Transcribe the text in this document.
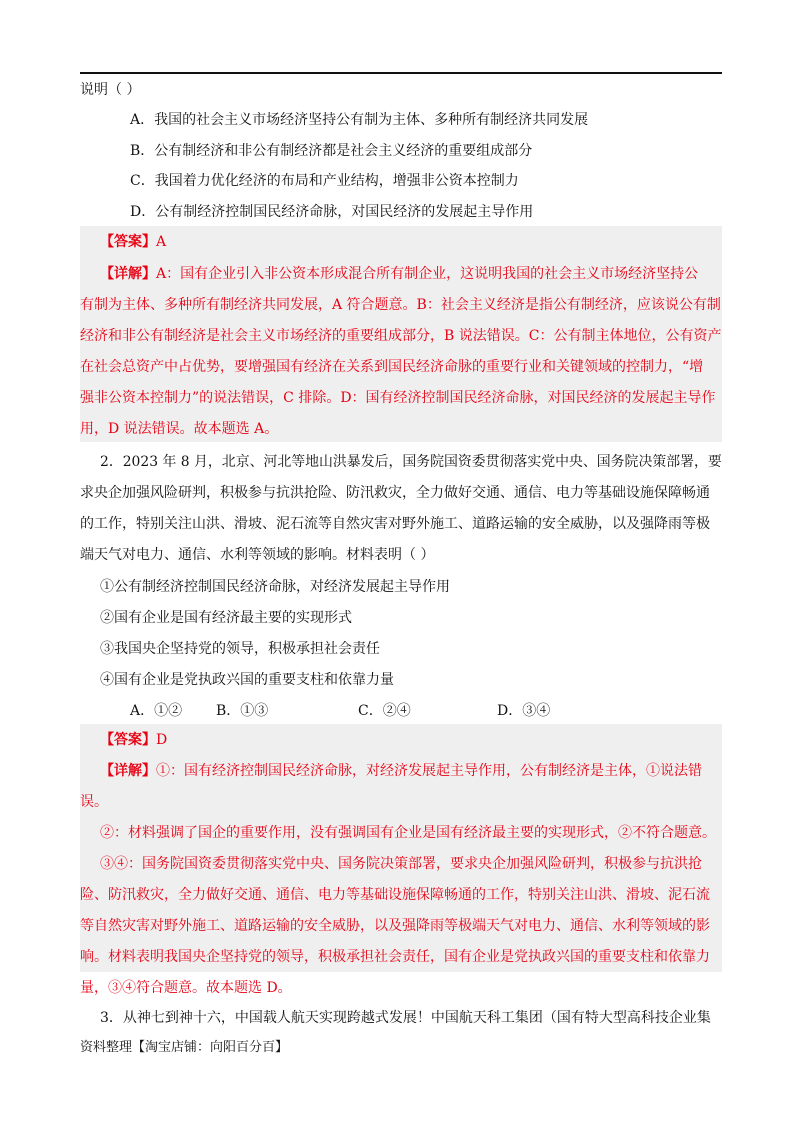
说明（ ）
A．我国的社会主义市场经济坚持公有制为主体、多种所有制经济共同发展
B．公有制经济和非公有制经济都是社会主义经济的重要组成部分
C．我国着力优化经济的布局和产业结构，增强非公资本控制力
D．公有制经济控制国民经济命脉，对国民经济的发展起主导作用
【答案】A
【详解】A：国有企业引入非公资本形成混合所有制企业，这说明我国的社会主义市场经济坚持公
有制为主体、多种所有制经济共同发展，A 符合题意。B：社会主义经济是指公有制经济，应该说公有制
经济和非公有制经济是社会主义市场经济的重要组成部分，B 说法错误。C：公有制主体地位，公有资产
在社会总资产中占优势，要增强国有经济在关系到国民经济命脉的重要行业和关键领域的控制力，“增
强非公资本控制力”的说法错误，C 排除。D：国有经济控制国民经济命脉，对国民经济的发展起主导作
用，D 说法错误。故本题选 A。
2．2023 年 8 月，北京、河北等地山洪暴发后，国务院国资委贯彻落实党中央、国务院决策部署，要
求央企加强风险研判，积极参与抗洪抢险、防汛救灾，全力做好交通、通信、电力等基础设施保障畅通
的工作，特别关注山洪、滑坡、泥石流等自然灾害对野外施工、道路运输的安全威胁，以及强降雨等极
端天气对电力、通信、水利等领域的影响。材料表明（ ）
①公有制经济控制国民经济命脉，对经济发展起主导作用
②国有企业是国有经济最主要的实现形式
③我国央企坚持党的领导，积极承担社会责任
④国有企业是党执政兴国的重要支柱和依靠力量
A．①② B．①③	C．②④	D．③④
【答案】D
【详解】①：国有经济控制国民经济命脉，对经济发展起主导作用，公有制经济是主体，①说法错
误。
②：材料强调了国企的重要作用，没有强调国有企业是国有经济最主要的实现形式，②不符合题意。
③④：国务院国资委贯彻落实党中央、国务院决策部署，要求央企加强风险研判，积极参与抗洪抢
险、防汛救灾，全力做好交通、通信、电力等基础设施保障畅通的工作，特别关注山洪、滑坡、泥石流
等自然灾害对野外施工、道路运输的安全威胁，以及强降雨等极端天气对电力、通信、水利等领域的影
响。材料表明我国央企坚持党的领导，积极承担社会责任，国有企业是党执政兴国的重要支柱和依靠力
量，③④符合题意。故本题选 D。
3．从神七到神十六，中国载人航天实现跨越式发展！中国航天科工集团（国有特大型高科技企业集
资料整理【淘宝店铺：向阳百分百】
